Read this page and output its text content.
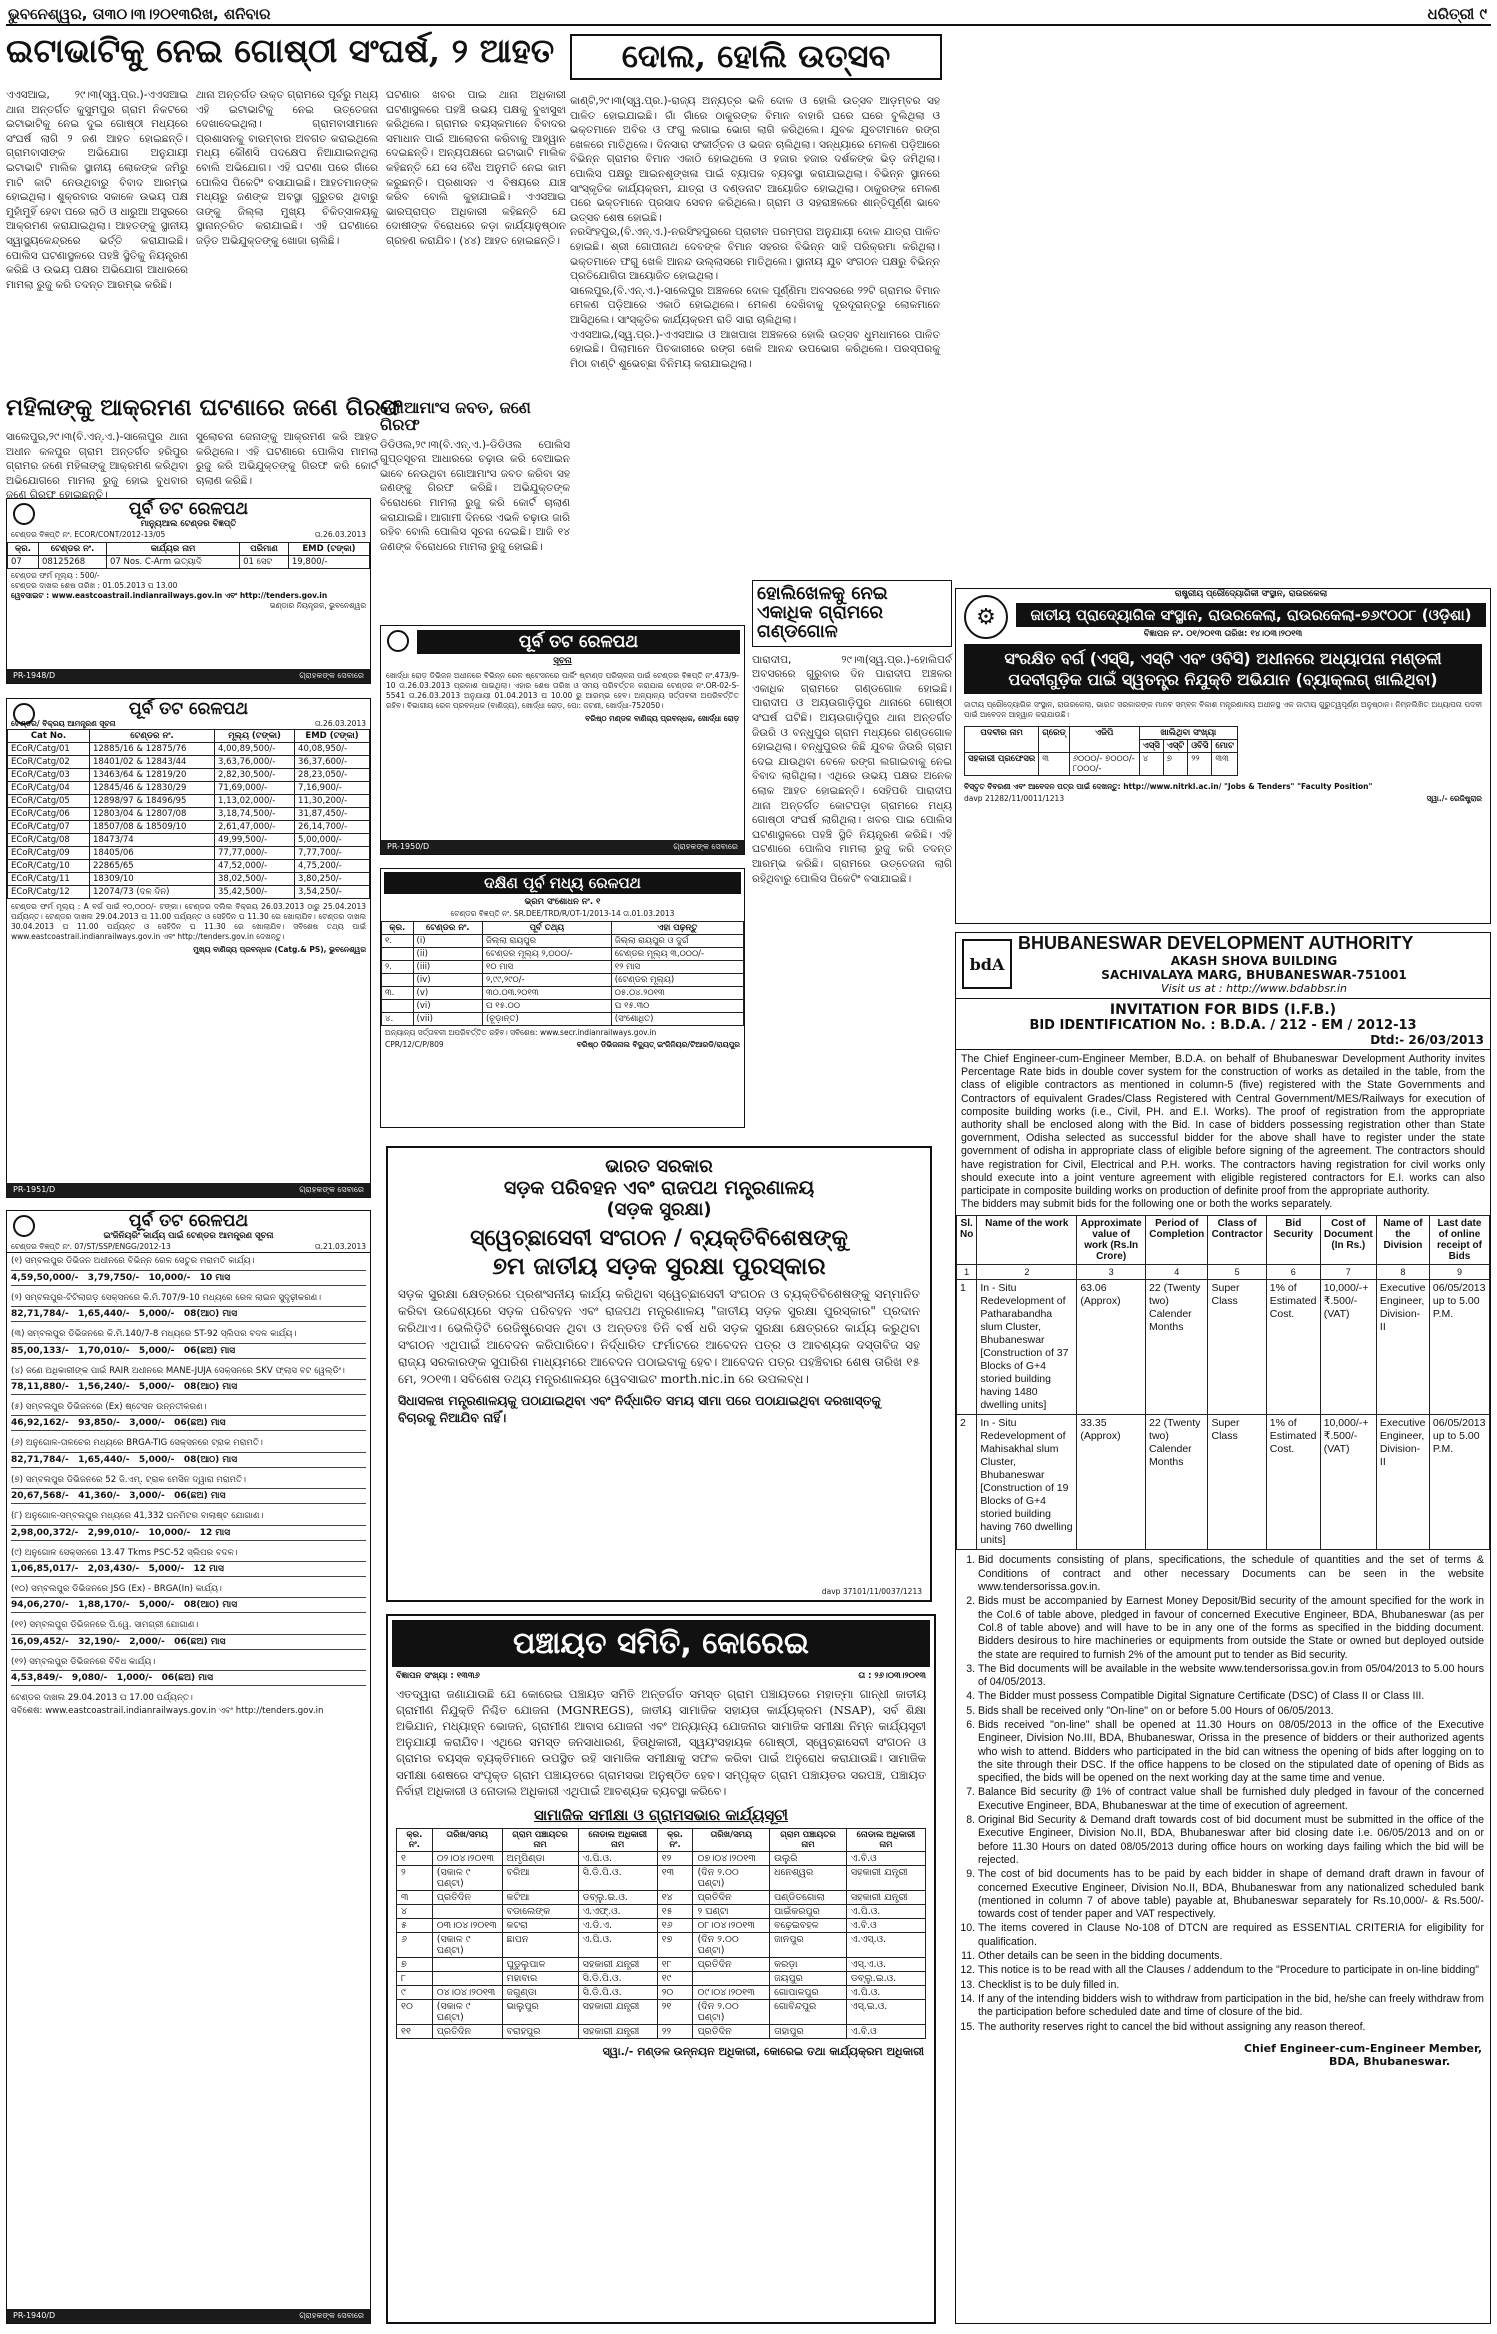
ଭୁବନେଶ୍ୱର, ତା୩୦।୩।୨୦୧୩ରିଖ, ଶନିବାର	ଧରିତ୍ରୀ ୯
ଇଟାଭାଟିକୁ ନେଇ ଗୋଷ୍ଠୀ ସଂଘର୍ଷ, ୨ ଆହତ
ଏଏସଆଇ, ୨୯।୩(ସ୍ୱ.ପ୍ର.)-ଏଏସଆଇ ଥାନା ଅନ୍ତର୍ଗତ କୁସୁମପୁର ଗ୍ରାମ ନିକଟରେ ଇଟାଭାଟିକୁ ନେଇ ଦୁଇ ଗୋଷ୍ଠୀ ମଧ୍ୟରେ ସଂଘର୍ଷ ଲାଗି ୨ ଜଣ ଆହତ ହୋଇଛନ୍ତି। ଗ୍ରାମବାସୀଙ୍କ ଅଭିଯୋଗ ଅନୁଯାୟୀ ଇଟାଭାଟି ମାଲିକ ସ୍ଥାନୀୟ ଲୋକଙ୍କ ଜମିରୁ ମାଟି କାଟି ନେଉଥିବାରୁ ବିବାଦ ଆରମ୍ଭ ହୋଇଥିଲା। ଶୁକ୍ରବାର ସକାଳେ ଉଭୟ ପକ୍ଷ ମୁହାଁମୁହିଁ ହେବା ପରେ ଲାଠି ଓ ଧାରୁଆ ଅସ୍ତ୍ରରେ ଆକ୍ରମଣ କରାଯାଇଥିଲା। ଆହତଙ୍କୁ ସ୍ଥାନୀୟ ସ୍ୱାସ୍ଥ୍ୟକେନ୍ଦ୍ରରେ ଭର୍ତ୍ତି କରାଯାଇଛି। ପୋଲିସ ଘଟଣାସ୍ଥଳରେ ପହଞ୍ଚି ସ୍ଥିତିକୁ ନିୟନ୍ତ୍ରଣ କରିଛି ଓ ଉଭୟ ପକ୍ଷର ଅଭିଯୋଗ ଆଧାରରେ ମାମଲା ରୁଜୁ କରି ତଦନ୍ତ ଆରମ୍ଭ କରିଛି।
ଥାନା ଅନ୍ତର୍ଗତ ଉକ୍ତ ଗ୍ରାମରେ ପୂର୍ବରୁ ମଧ୍ୟ ଏହି ଇଟାଭାଟିକୁ ନେଇ ଉତ୍ତେଜନା ଦେଖାଦେଇଥିଲା। ଗ୍ରାମବାସୀମାନେ ପ୍ରଶାସନକୁ ବାରମ୍ବାର ଅବଗତ କରାଇଥିଲେ ମଧ୍ୟ କୌଣସି ପଦକ୍ଷେପ ନିଆଯାଇନଥିଲା ବୋଲି ଅଭିଯୋଗ। ଏହି ଘଟଣା ପରେ ଗାଁରେ ପୋଲିସ ପିକେଟିଂ ବସାଯାଇଛି। ଆହତମାନଙ୍କ ମଧ୍ୟରୁ ଜଣଙ୍କ ଅବସ୍ଥା ଗୁରୁତର ଥିବାରୁ ତାଙ୍କୁ ଜିଲ୍ଲା ମୁଖ୍ୟ ଚିକିତ୍ସାଳୟକୁ ସ୍ଥାନାନ୍ତରିତ କରାଯାଇଛି। ଏହି ଘଟଣାରେ ଜଡ଼ିତ ଅଭିଯୁକ୍ତଙ୍କୁ ଖୋଜା ଚାଲିଛି।
ଘଟଣାର ଖବର ପାଇ ଥାନା ଅଧିକାରୀ ଘଟଣାସ୍ଥଳରେ ପହଞ୍ଚି ଉଭୟ ପକ୍ଷକୁ ବୁଝାସୁଝା କରିଥିଲେ। ଗ୍ରାମର ବୟସ୍କମାନେ ବିବାଦର ସମାଧାନ ପାଇଁ ଆଲୋଚନା କରିବାକୁ ଆହ୍ୱାନ ଦେଇଛନ୍ତି। ଅନ୍ୟପକ୍ଷରେ ଇଟାଭାଟି ମାଲିକ କହିଛନ୍ତି ଯେ ସେ ବୈଧ ଅନୁମତି ନେଇ କାମ କରୁଛନ୍ତି। ପ୍ରଶାସନ ଏ ବିଷୟରେ ଯାଞ୍ଚ କରିବ ବୋଲି କୁହାଯାଇଛି। ଏଏସଆଇ ଭାରପ୍ରାପ୍ତ ଅଧିକାରୀ କହିଛନ୍ତି ଯେ ଦୋଷୀଙ୍କ ବିରୋଧରେ କଡ଼ା କାର୍ଯ୍ୟାନୁଷ୍ଠାନ ଗ୍ରହଣ କରାଯିବ। (୪୪) ଆହତ ହୋଇଛନ୍ତି।
ମହିଳାଙ୍କୁ ଆକ୍ରମଣ ଘଟଣାରେ ଜଣେ ଗିରଫ
ସାଲେପୁର,୨୯।୩(ବି.ଏନ୍.ଏ.)-ସାଲେପୁର ଥାନା ଅଧୀନ କଳପୁର ଗ୍ରାମ ଅନ୍ତର୍ଗତ ହରିପୁର ଗ୍ରାମର ଜଣେ ମହିଳାଙ୍କୁ ଆକ୍ରମଣ କରିଥିବା ଅଭିଯୋଗରେ ମାମଲା ରୁଜୁ ହୋଇ ବୁଧବାର ଜଣେ ଗିରଫ ହୋଇଛନ୍ତି।
ସୁଲୋଚନା ଜେନାଙ୍କୁ ଆକ୍ରମଣ କରି ଆହତ କରିଥିଲେ। ଏହି ଘଟଣାରେ ପୋଲିସ ମାମଲା ରୁଜୁ କରି ଅଭିଯୁକ୍ତଙ୍କୁ ଗିରଫ କରି କୋର୍ଟ ଚାଲାଣ କରିଛି।
ପୂର୍ବ ତଟ ରେଳପଥ
ମାନ୍ୟୁଆଲ ଟେଣ୍ଡର ବିଜ୍ଞପ୍ତି
ଟେଣ୍ଡର ବିଜ୍ଞପ୍ତି ନଂ. ECOR/CONT/2012-13/05	ତା.26.03.2013
କ୍ର.	ଟେଣ୍ଡର ନଂ.	କାର୍ଯ୍ୟର ନାମ	ପରିମାଣ	EMD (ଟଙ୍କା)
07	08125268	07 Nos. C-Arm ଇତ୍ୟାଦି	01 ସେଟ	19,800/-
ଟେଣ୍ଡର ଫର୍ମ ମୂଲ୍ୟ : 500/-
ଟେଣ୍ଡର ଦାଖଲ ଶେଷ ତାରିଖ : 01.05.2013 ଘ 13.00
ୱେବସାଇଟ : www.eastcoastrail.indianrailways.gov.in ଏବଂ http://tenders.gov.in
ଭଣ୍ଡାର ନିୟନ୍ତ୍ରକ, ଭୁବନେଶ୍ୱର
PR-1948/D	ଗ୍ରାହକଙ୍କ ସେବାରେ
ପୂର୍ବ ତଟ ରେଳପଥ
ଟେଣ୍ଡର/ ବିକ୍ରୟ ଆମନ୍ତ୍ରଣ ସୂଚନା	ତା.26.03.2013
Cat No.	ଟେଣ୍ଡର ନଂ.	ମୂଲ୍ୟ (ଟଙ୍କା)	EMD (ଟଙ୍କା)
ECoR/Catg/01	12885/16 & 12875/76	4,00,89,500/-	40,08,950/-
ECoR/Catg/02	18401/02 & 12843/44	3,63,76,000/-	36,37,600/-
ECoR/Catg/03	13463/64 & 12819/20	2,82,30,500/-	28,23,050/-
ECoR/Catg/04	12845/46 & 12830/29	71,69,000/-	7,16,900/-
ECoR/Catg/05	12898/97 & 18496/95	1,13,02,000/-	11,30,200/-
ECoR/Catg/06	12803/04 & 12807/08	3,18,74,500/-	31,87,450/-
ECoR/Catg/07	18507/08 & 18509/10	2,61,47,000/-	26,14,700/-
ECoR/Catg/08	18473/74	49,99,500/-	5,00,000/-
ECoR/Catg/09	18405/06	77,77,000/-	7,77,700/-
ECoR/Catg/10	22865/65	47,52,000/-	4,75,200/-
ECoR/Catg/11	18309/10	38,02,500/-	3,80,250/-
ECoR/Catg/12	12074/73 (ଦଳ ଦିନ)	35,42,500/-	3,54,250/-
ଟେଣ୍ଡର ଫର୍ମ ମୂଲ୍ୟ : A ବର୍ଗ ପାଇଁ ୧୦,୦୦୦/- ଟଙ୍କା। ଟେଣ୍ଡର ଦଲିଲ ବିକ୍ରୟ 26.03.2013 ଠାରୁ 25.04.2013 ପର୍ଯ୍ୟନ୍ତ। ଟେଣ୍ଡର ଦାଖଲ 29.04.2013 ଘ 11.00 ପର୍ଯ୍ୟନ୍ତ ଓ ସେହିଦିନ ଘ 11.30 ରେ ଖୋଲାଯିବ। ଟେଣ୍ଡର ଦାଖଲ 30.04.2013 ଘ 11.00 ପର୍ଯ୍ୟନ୍ତ ଓ ସେହିଦିନ ଘ 11.30 ରେ ଖୋଲାଯିବ। ସବିଶେଷ ତଥ୍ୟ ପାଇଁ www.eastcoastrail.indianrailways.gov.in ଏବଂ http://tenders.gov.in ଦେଖନ୍ତୁ।
ମୁଖ୍ୟ ବାଣିଜ୍ୟ ପ୍ରବନ୍ଧକ (Catg.& PS), ଭୁବନେଶ୍ୱର
PR-1951/D	ଗ୍ରାହକଙ୍କ ସେବାରେ
ପୂର୍ବ ତଟ ରେଳପଥ
ଇଂଜିନିୟରିଂ କାର୍ଯ୍ୟ ପାଇଁ ଟେଣ୍ଡର ଆମନ୍ତ୍ରଣ ସୂଚନା
ଟେଣ୍ଡର ବିଜ୍ଞପ୍ତି ନଂ. 07/ST/SSP/ENGG/2012-13	ତା.21.03.2013
(୧) ସମ୍ବଲପୁର ଡିଭିଜନ ଅଧୀନରେ ବିଭିନ୍ନ ରେଳ ସେତୁର ମରାମତି କାର୍ଯ୍ୟ।
4,59,50,000/-   3,79,750/-   10,000/-   10 ମାସ
(୨) ସମ୍ବଲପୁର-ଟିଟିଲାଗଡ଼ ସେକ୍ସନରେ କି.ମି.707/9-10 ମଧ୍ୟରେ ରେଳ ଲାଇନ ସୁଦୃଢ଼ୀକରଣ।
82,71,784/-   1,65,440/-   5,000/-   08(ଆଠ) ମାସ
(୩) ସମ୍ବଲପୁର ଡିଭିଜନରେ କି.ମି.140/7-8 ମଧ୍ୟରେ ST-92 ସ୍ଲିପର ବଦଳ କାର୍ଯ୍ୟ।
85,00,133/-   1,70,010/-   5,000/-   06(ଛଅ) ମାସ
(୪) ଜଣେ ଅଧିକାରୀଙ୍କ ପାଇଁ RAIR ଅଧୀନରେ MANE-JUJA ସେକ୍ସନରେ SKV ଫ୍ଲାସ ବଟ ୱେଲ୍ଡିଂ।
78,11,880/-   1,56,240/-   5,000/-   08(ଆଠ) ମାସ
(୫) ସମ୍ବଲପୁର ଡିଭିଜନରେ (Ex) ଷ୍ଟେସନ ଉନ୍ନତୀକରଣ।
46,92,162/-   93,850/-   3,000/-   06(ଛଅ) ମାସ
(୬) ଅନୁଗୋଳ-ତାଳଚେର ମଧ୍ୟରେ BRGA-TIG ସେକ୍ସନରେ ଟ୍ରାକ ମରାମତି।
82,71,784/-   1,65,440/-   5,000/-   08(ଆଠ) ମାସ
(୭) ସମ୍ବଲପୁର ଡିଭିଜନରେ 52 ଜି.ଏମ୍. ଟ୍ରାକ ମେସିନ ଦ୍ୱାରା ମରାମତି।
20,67,568/-   41,360/-   3,000/-   06(ଛଅ) ମାସ
(୮) ଅନୁଗୋଳ-ସମ୍ବଲପୁର ମଧ୍ୟରେ 41,332 ଘନମିଟର ବାଲାଷ୍ଟ ଯୋଗାଣ।
2,98,00,372/-   2,99,010/-   10,000/-   12 ମାସ
(୯) ଅନୁଗୋଳ ସେକ୍ସନରେ 13.47 Tkms PSC-52 ସ୍ଲିପର ବଦଳ।
1,06,85,017/-   2,03,430/-   5,000/-   12 ମାସ
(୧୦) ସମ୍ବଲପୁର ଡିଭିଜନରେ JSG (Ex) - BRGA(In) କାର୍ଯ୍ୟ।
94,06,270/-   1,88,170/-   5,000/-   08(ଆଠ) ମାସ
(୧୧) ସମ୍ବଲପୁର ଡିଭିଜନରେ ପି.ୱେ. ସାମଗ୍ରୀ ଯୋଗାଣ।
16,09,452/-   32,190/-   2,000/-   06(ଛଅ) ମାସ
(୧୨) ସମ୍ବଲପୁର ଡିଭିଜନରେ ବିବିଧ କାର୍ଯ୍ୟ।
4,53,849/-   9,080/-   1,000/-   06(ଛଅ) ମାସ
ଟେଣ୍ଡର ଦାଖଲ 29.04.2013 ଘ 17.00 ପର୍ଯ୍ୟନ୍ତ।
ସବିଶେଷ: www.eastcoastrail.indianrailways.gov.in ଏବଂ http://tenders.gov.in
PR-1940/D	ଗ୍ରାହକଙ୍କ ସେବାରେ
ଦୋଲ, ହୋଲି ଉତ୍ସବ
କାଣ୍ଟି,୨୯।୩(ସ୍ୱ.ପ୍ର.)-ରାଜ୍ୟ ଅନ୍ୟତ୍ର ଭଳି ଦୋଳ ଓ ହୋଲି ଉତ୍ସବ ଆଡ଼ମ୍ବର ସହ ପାଳିତ ହୋଇଯାଇଛି। ଗାଁ ଗାଁରେ ଠାକୁରଙ୍କ ବିମାନ ବାହାରି ଘରେ ଘରେ ବୁଲିଥିଲା ଓ ଭକ୍ତମାନେ ଅବିର ଓ ଫଗୁ ଲଗାଇ ଭୋଗ ଲାଗି କରିଥିଲେ। ଯୁବକ ଯୁବତୀମାନେ ରଙ୍ଗ ଖେଳରେ ମାତିଥିଲେ। ଦିନସାରା ସଂକୀର୍ତ୍ତନ ଓ ଭଜନ ଚାଲିଥିଲା। ସନ୍ଧ୍ୟାରେ ମେଳଣ ପଡ଼ିଆରେ ବିଭିନ୍ନ ଗ୍ରାମର ବିମାନ ଏକାଠି ହୋଇଥିଲେ ଓ ହଜାର ହଜାର ଦର୍ଶକଙ୍କ ଭିଡ଼ ଜମିଥିଲା। ପୋଲିସ ପକ୍ଷରୁ ଆଇନଶୃଙ୍ଖଳା ପାଇଁ ବ୍ୟାପକ ବ୍ୟବସ୍ଥା କରାଯାଇଥିଲା। ବିଭିନ୍ନ ସ୍ଥାନରେ ସାଂସ୍କୃତିକ କାର୍ଯ୍ୟକ୍ରମ, ଯାତ୍ରା ଓ ଦଣ୍ଡନାଟ ଆୟୋଜିତ ହୋଇଥିଲା। ଠାକୁରଙ୍କ ମେଳଣ ପରେ ଭକ୍ତମାନେ ପ୍ରସାଦ ସେବନ କରିଥିଲେ। ଗ୍ରାମ ଓ ସହରାଞ୍ଚଳରେ ଶାନ୍ତିପୂର୍ଣ୍ଣ ଭାବେ ଉତ୍ସବ ଶେଷ ହୋଇଛି।
ନରସିଂହପୁର,(ବି.ଏନ୍.ଏ.)-ନରସିଂହପୁରରେ ପ୍ରାଚୀନ ପରମ୍ପରା ଅନୁଯାୟୀ ଦୋଳ ଯାତ୍ରା ପାଳିତ ହୋଇଛି। ଶ୍ରୀ ଗୋପୀନାଥ ଦେବଙ୍କ ବିମାନ ସହରର ବିଭିନ୍ନ ସାହି ପରିକ୍ରମା କରିଥିଲା। ଭକ୍ତମାନେ ଫଗୁ ଖେଳି ଆନନ୍ଦ ଉଲ୍ଲାସରେ ମାତିଥିଲେ। ସ୍ଥାନୀୟ ଯୁବ ସଂଗଠନ ପକ୍ଷରୁ ବିଭିନ୍ନ ପ୍ରତିଯୋଗିତା ଆୟୋଜିତ ହୋଇଥିଲା।
ସାଲେପୁର,(ବି.ଏନ୍.ଏ.)-ସାଲେପୁର ଅଞ୍ଚଳରେ ଦୋଳ ପୂର୍ଣ୍ଣିମା ଅବସରରେ ୨୨ଟି ଗ୍ରାମର ବିମାନ ମେଳଣ ପଡ଼ିଆରେ ଏକାଠି ହୋଇଥିଲେ। ମେଳଣ ଦେଖିବାକୁ ଦୂରଦୂରାନ୍ତରୁ ଲୋକମାନେ ଆସିଥିଲେ। ସାଂସ୍କୃତିକ କାର୍ଯ୍ୟକ୍ରମ ରାତି ସାରା ଚାଲିଥିଲା।
ଏଏସଆଇ,(ସ୍ୱ.ପ୍ର.)-ଏଏସଆଇ ଓ ଆଖପାଖ ଅଞ୍ଚଳରେ ହୋଲି ଉତ୍ସବ ଧୁମଧାମରେ ପାଳିତ ହୋଇଛି। ପିଲାମାନେ ପିଚକାରୀରେ ରଙ୍ଗ ଖେଳି ଆନନ୍ଦ ଉପଭୋଗ କରିଥିଲେ। ପରସ୍ପରକୁ ମିଠା ବାଣ୍ଟି ଶୁଭେଚ୍ଛା ବିନିମୟ କରାଯାଇଥିଲା।
ଗୋଆମାଂସ ଜବତ, ଜଣେ ଗିରଫ
ଡିଡିଓଲ,୨୯।୩(ବି.ଏନ୍.ଏ.)-ଡିଡିଓଲ ପୋଲିସ ଗୁପ୍ତସୂଚନା ଆଧାରରେ ଚଢ଼ାଉ କରି ବେଆଇନ ଭାବେ ନେଉଥିବା ଗୋଆମାଂସ ଜବତ କରିବା ସହ ଜଣଙ୍କୁ ଗିରଫ କରିଛି। ଅଭିଯୁକ୍ତଙ୍କ ବିରୋଧରେ ମାମଲା ରୁଜୁ କରି କୋର୍ଟ ଚାଲାଣ କରାଯାଇଛି। ଆଗାମୀ ଦିନରେ ଏଭଳି ଚଢ଼ାଉ ଜାରି ରହିବ ବୋଲି ପୋଲିସ ସୂଚନା ଦେଇଛି। ଆଜି ୧୪ ଜଣଙ୍କ ବିରୋଧରେ ମାମଲା ରୁଜୁ ହୋଇଛି।
ପୂର୍ବ ତଟ ରେଳପଥ
ସୂଚନା
ଖୋର୍ଦ୍ଧା ରୋଡ଼ ଡିଭିଜନ ଅଧୀନରେ ବିଭିନ୍ନ ରେଳ ଷ୍ଟେସନରେ ପାର୍କିଂ ଷ୍ଟାଣ୍ଡ ପରିଚାଳନା ପାଇଁ ଟେଣ୍ଡର ବିଜ୍ଞପ୍ତି ନଂ.473/9-10 ତା.26.03.2013 ପ୍ରକାଶ ପାଇଥିଲା। ଏହାର ଶେଷ ତାରିଖ ଓ ସମୟ ପରିବର୍ତ୍ତନ କରାଯାଇ ଟେଣ୍ଡର ନଂ.OR-02-S-5541 ତା.26.03.2013 ଅନୁଯାୟୀ 01.04.2013 ଘ 10.00 ରୁ ଆରମ୍ଭ ହେବ। ଅନ୍ୟାନ୍ୟ ସର୍ତ୍ତାବଳୀ ଅପରିବର୍ତ୍ତିତ ରହିବ। ବିଭାଗୀୟ ରେଳ ପ୍ରବନ୍ଧକ (ବାଣିଜ୍ୟ), ଖୋର୍ଦ୍ଧା ରୋଡ଼, ପୋ: ଜଟଣୀ, ଖୋର୍ଦ୍ଧା-752050।
ବରିଷ୍ଠ ମଣ୍ଡଳ ବାଣିଜ୍ୟ ପ୍ରବନ୍ଧକ, ଖୋର୍ଦ୍ଧା ରୋଡ଼
PR-1950/D	ଗ୍ରାହକଙ୍କ ସେବାରେ
ଦକ୍ଷିଣ ପୂର୍ବ ମଧ୍ୟ ରେଳପଥ
ଭ୍ରମ ସଂଶୋଧନ ନଂ. ୧
ଟେଣ୍ଡର ବିଜ୍ଞପ୍ତି ନଂ. SR.DEE/TRD/R/OT-1/2013-14 ତା.01.03.2013
କ୍ର.	ଟେଣ୍ଡର ନଂ.	ପୂର୍ବ ତଥ୍ୟ	ଏହା ପଢ଼ନ୍ତୁ
୧.	(i)	ଜିଲ୍ଲା ରାୟପୁର	ଜିଲ୍ଲା ରାୟପୁର ଓ ଦୁର୍ଗ
	(ii)	ଟେଣ୍ଡର ମୂଲ୍ୟ ୨,୦୦୦/-	ଟେଣ୍ଡର ମୂଲ୍ୟ ୩,୦୦୦/-
୨.	(iii)	୧୦ ମାସ	୧୨ ମାସ
	(iv)	୨,୯୯,୨୯୦/-	(ଟେଣ୍ଡର ମୂଲ୍ୟ)
୩.	(v)	୩୦.୦୩.୨୦୧୩	୦୫.୦୪.୨୦୧୩
	(vi)	ଘ ୧୫.୦୦	ଘ ୧୫.୩୦
୪.	(vii)	(ଚୂଡ଼ାନ୍ତ)	(ସଂଶୋଧିତ)
ଅନ୍ୟାନ୍ୟ ସର୍ତ୍ତାବଳୀ ଅପରିବର୍ତ୍ତିତ ରହିବ। ସବିଶେଷ: www.secr.indianrailways.gov.in
CPR/12/C/P/809	ବରିଷ୍ଠ ଡିଭିଜନାଲ ବିଦ୍ୟୁତ୍ ଇଂଜିନିୟର/ଟିଆରଡି/ରାୟପୁର
ହୋଲିଖେଳକୁ ନେଇ ଏକାଧିକ ଗ୍ରାମରେ ଗଣ୍ଡଗୋଳ
ପାରାଦୀପ, ୨୯।୩(ସ୍ୱ.ପ୍ର.)-ହୋଲିପର୍ବ ଅବସରରେ ଗୁରୁବାର ଦିନ ପାରାଦୀପ ଅଞ୍ଚଳର ଏକାଧିକ ଗ୍ରାମରେ ଗଣ୍ଡଗୋଳ ହୋଇଛି। ପାରାଦୀପ ଓ ଅୟଉଗାଡ଼ିପୁର ଥାନାରେ ଗୋଷ୍ଠୀ ସଂଘର୍ଷ ଘଟିଛି। ଅୟଉଗାଡ଼ିପୁର ଥାନା ଅନ୍ତର୍ଗତ ଜିଉରି ଓ ବନ୍ଧୁପୁର ଗ୍ରାମ ମଧ୍ୟରେ ଗଣ୍ଡଗୋଳ ହୋଇଥିଲା। ବନ୍ଧୁପୁରର କିଛି ଯୁବକ ଜିଉରି ଗ୍ରାମ ଦେଇ ଯାଉଥିବା ବେଳେ ରଙ୍ଗ ଲଗାଇବାକୁ ନେଇ ବିବାଦ ଲାଗିଥିଲା। ଏଥିରେ ଉଭୟ ପକ୍ଷର ଅନେକ ଲୋକ ଆହତ ହୋଇଛନ୍ତି। ସେହିପରି ପାରାଦୀପ ଥାନା ଅନ୍ତର୍ଗତ କୋଟପଡ଼ା ଗ୍ରାମରେ ମଧ୍ୟ ଗୋଷ୍ଠୀ ସଂଘର୍ଷ ଲାଗିଥିଲା। ଖବର ପାଇ ପୋଲିସ ଘଟଣାସ୍ଥଳରେ ପହଞ୍ଚି ସ୍ଥିତି ନିୟନ୍ତ୍ରଣ କରିଛି। ଏହି ଘଟଣାରେ ପୋଲିସ ମାମଲା ରୁଜୁ କରି ତଦନ୍ତ ଆରମ୍ଭ କରିଛି। ଗ୍ରାମରେ ଉତ୍ତେଜନା ଲାଗି ରହିଥିବାରୁ ପୋଲିସ ପିକେଟିଂ ବସାଯାଇଛି।
⚙
ରାଷ୍ଟ୍ରୀୟ ପ୍ରୌଦ୍ୟୋଗିକୀ ସଂସ୍ଥାନ, ରାଉରକେଲା
ଜାତୀୟ ପ୍ରାଦ୍ୟୋଗିକ ସଂସ୍ଥାନ, ରାଉରକେଲା, ରାଉରକେଲା-୭୬୯୦୦୮ (ଓଡ଼ିଶା)
ବିଜ୍ଞାପନ ନଂ. ୦୧/୨୦୧୩ ତାରିଖ: ୧୪।୦୩।୨୦୧୩
ସଂରକ୍ଷିତ ବର୍ଗ (ଏସ୍‌ସି, ଏସ୍‌ଟି ଏବଂ ଓବିସି) ଅଧୀନରେ ଅଧ୍ୟାପନା ମଣ୍ଡଳୀ ପଦବୀଗୁଡ଼ିକ ପାଇଁ ସ୍ୱତନ୍ତ୍ର ନିଯୁକ୍ତି ଅଭିଯାନ (ବ୍ୟାକ୍‌ଲଗ୍ ଖାଲିଥିବା)
ଜାତୀୟ ପ୍ରୌଦ୍ୟୋଗିକ ସଂସ୍ଥାନ, ରାଉରକେଲା, ଭାରତ ସରକାରଙ୍କ ମାନବ ସମ୍ବଳ ବିକାଶ ମନ୍ତ୍ରଣାଳୟ ଅଧୀନସ୍ଥ ଏକ ଜାତୀୟ ଗୁରୁତ୍ୱପୂର୍ଣ୍ଣ ଅନୁଷ୍ଠାନ। ନିମ୍ନଲିଖିତ ଅଧ୍ୟାପନା ପଦବୀ ପାଇଁ ଆବେଦନ ଆହ୍ୱାନ କରାଯାଉଛି।
ପଦବୀର ନାମ	ଗ୍ରେଡ୍	ଏଜିପି	ଖାଲିଥିବା ସଂଖ୍ୟା			
			ଏସ୍‌ସି	ଏସ୍‌ଟି	ଓବିସି	ମୋଟ
ସହକାରୀ ପ୍ରଫେସର	୩	୬୦୦୦/- ୭୦୦୦/- ୮୦୦୦/-	୪	୭	୨୨	୩୩
ବିସ୍ତୃତ ବିବରଣୀ ଏବଂ ଆବେଦନ ପତ୍ର ପାଇଁ ଦେଖନ୍ତୁ: http://www.nitrkl.ac.in/ "Jobs & Tenders" "Faculty Position"
davp 21282/11/0011/1213	ସ୍ୱା./- ରେଜିଷ୍ଟ୍ରାର
bdA
BHUBANESWAR DEVELOPMENT AUTHORITY
AKASH SHOVA BUILDING
SACHIVALAYA MARG, BHUBANESWAR-751001
Visit us at : http://www.bdabbsr.in
INVITATION FOR BIDS (I.F.B.)
BID IDENTIFICATION No. : B.D.A. / 212 - EM / 2012-13
Dtd:- 26/03/2013
The Chief Engineer-cum-Engineer Member, B.D.A. on behalf of Bhubaneswar Development Authority invites Percentage Rate bids in double cover system for the construction of works as detailed in the table, from the class of eligible contractors as mentioned in column-5 (five) registered with the State Governments and Contractors of equivalent Grades/Class Registered with Central Government/MES/Railways for execution of composite building works (i.e., Civil, PH. and E.I. Works). The proof of registration from the appropriate authority shall be enclosed along with the Bid. In case of bidders possessing registration other than State government, Odisha selected as successful bidder for the above shall have to register under the state government of odisha in appropriate class of eligible before signing of the agreement. The contractors should have registration for Civil, Electrical and P.H. works. The contractors having registration for civil works only should execute into a joint venture agreement with eligible registered contractors for E.I. works can also participate in composite building works on production of definite proof from the appropriate authority.
The bidders may submit bids for the following one or both the works separately.
Sl. No	Name of the work	Approximate value of work (Rs.In Crore)	Period of Completion	Class of Contractor	Bid Security	Cost of Document (In Rs.)	Name of the Division	Last date of online receipt of Bids
1	2	3	4	5	6	7	8	9
1	In - Situ Redevelopment of Patharabandha slum Cluster, Bhubaneswar [Construction of 37 Blocks of G+4 storied building having 1480 dwelling units]	63.06 (Approx)	22 (Twenty two) Calender Months	Super Class	1% of Estimated Cost.	10,000/-+ ₹.500/- (VAT)	Executive Engineer, Division- II	06/05/2013 up to 5.00 P.M.
2	In - Situ Redevelopment of Mahisakhal slum Cluster, Bhubaneswar [Construction of 19 Blocks of G+4 storied building having 760 dwelling units]	33.35 (Approx)	22 (Twenty two) Calender Months	Super Class	1% of Estimated Cost.	10,000/-+ ₹.500/- (VAT)	Executive Engineer, Division- II	06/05/2013 up to 5.00 P.M.
1. Bid documents consisting of plans, specifications, the schedule of quantities and the set of terms & Conditions of contract and other necessary Documents can be seen in the website www.tendersorissa.gov.in.
2. Bids must be accompanied by Earnest Money Deposit/Bid security of the amount specified for the work in the Col.6 of table above, pledged in favour of concerned Executive Engineer, BDA, Bhubaneswar (as per Col.8 of table above) and will have to be in any one of the forms as specified in the bidding document. Bidders desirous to hire machineries or equipments from outside the State or owned but deployed outside the state are required to furnish 2% of the amount put to tender as Bid security.
3. The Bid documents will be available in the website www.tendersorissa.gov.in from 05/04/2013 to 5.00 hours of 04/05/2013.
4. The Bidder must possess Compatible Digital Signature Certificate (DSC) of Class II or Class III.
5. Bids shall be received only "On-line" on or before 5.00 Hours of 06/05/2013.
6. Bids received "on-line" shall be opened at 11.30 Hours on 08/05/2013 in the office of the Executive Engineer, Division No.III, BDA, Bhubaneswar, Orissa in the presence of bidders or their authorized agents who wish to attend. Bidders who participated in the bid can witness the opening of bids after logging on to the site through their DSC. If the office happens to be closed on the stipulated date of opening of Bids as specified, the bids will be opened on the next working day at the same time and venue.
7. Balance Bid security @ 1% of contract value shall be furnished duly pledged in favour of the concerned Executive Engineer, BDA, Bhubaneswar at the time of execution of agreement.
8. Original Bid Security & Demand draft towards cost of bid document must be submitted in the office of the Executive Engineer, Division No.II, BDA, Bhubaneswar after bid closing date i.e. 06/05/2013 and on or before 11.30 Hours on dated 08/05/2013 during office hours on working days failing which the bid will be rejected.
9. The cost of bid documents has to be paid by each bidder in shape of demand draft drawn in favour of concerned Executive Engineer, Division No.II, BDA, Bhubaneswar from any nationalized scheduled bank (mentioned in column 7 of above table) payable at, Bhubaneswar separately for Rs.10,000/- & Rs.500/- towards cost of tender paper and VAT respectively.
10. The items covered in Clause No-108 of DTCN are required as ESSENTIAL CRITERIA for eligibility for qualification.
11. Other details can be seen in the bidding documents.
12. This notice is to be read with all the Clauses / addendum to the "Procedure to participate in on-line bidding"
13. Checklist is to be duly filled in.
14. If any of the intending bidders wish to withdraw from participation in the bid, he/she can freely withdraw from the participation before scheduled date and time of closure of the bid.
15. The authority reserves right to cancel the bid without assigning any reason thereof.
Chief Engineer-cum-Engineer Member,
BDA, Bhubaneswar.
ଭାରତ ସରକାର
ସଡ଼କ ପରିବହନ ଏବଂ ରାଜପଥ ମନ୍ତ୍ରଣାଳୟ
(ସଡ଼କ ସୁରକ୍ଷା)
ସ୍ୱେଚ୍ଛାସେବୀ ସଂଗଠନ / ବ୍ୟକ୍ତିବିଶେଷଙ୍କୁ
୭ମ ଜାତୀୟ ସଡ଼କ ସୁରକ୍ଷା ପୁରସ୍କାର
ସଡ଼କ ସୁରକ୍ଷା କ୍ଷେତ୍ରରେ ପ୍ରଶଂସନୀୟ କାର୍ଯ୍ୟ କରିଥିବା ସ୍ୱେଚ୍ଛାସେବୀ ସଂଗଠନ ଓ ବ୍ୟକ୍ତିବିଶେଷଙ୍କୁ ସମ୍ମାନିତ କରିବା ଉଦ୍ଦେଶ୍ୟରେ ସଡ଼କ ପରିବହନ ଏବଂ ରାଜପଥ ମନ୍ତ୍ରଣାଳୟ "ଜାତୀୟ ସଡ଼କ ସୁରକ୍ଷା ପୁରସ୍କାର" ପ୍ରଦାନ କରିଥାଏ। ଭେଲିଡ଼ିଟି ରେଜିଷ୍ଟ୍ରେସନ ଥିବା ଓ ଅନ୍ତତଃ ତିନି ବର୍ଷ ଧରି ସଡ଼କ ସୁରକ୍ଷା କ୍ଷେତ୍ରରେ କାର୍ଯ୍ୟ କରୁଥିବା ସଂଗଠନ ଏଥିପାଇଁ ଆବେଦନ କରିପାରିବେ। ନିର୍ଦ୍ଧାରିତ ଫର୍ମାଟରେ ଆବେଦନ ପତ୍ର ଓ ଆବଶ୍ୟକ ଦସ୍ତାବିଜ ସହ ରାଜ୍ୟ ସରକାରଙ୍କ ସୁପାରିଶ ମାଧ୍ୟମରେ ଆବେଦନ ପଠାଇବାକୁ ହେବ। ଆବେଦନ ପତ୍ର ପହଞ୍ଚିବାର ଶେଷ ତାରିଖ ୧୫ ମେ, ୨୦୧୩। ସବିଶେଷ ତଥ୍ୟ ମନ୍ତ୍ରଣାଳୟର ୱେବସାଇଟ morth.nic.in ରେ ଉପଲବ୍ଧ।
ସିଧାସଳଖ ମନ୍ତ୍ରଣାଳୟକୁ ପଠାଯାଇଥିବା ଏବଂ ନିର୍ଦ୍ଧାରିତ ସମୟ ସୀମା ପରେ ପଠାଯାଇଥିବା ଦରଖାସ୍ତକୁ ବିଚାରକୁ ନିଆଯିବ ନାହିଁ।
davp 37101/11/0037/1213
ପଞ୍ଚାୟତ ସମିତି, କୋରେଇ
ବିଜ୍ଞାପନ ସଂଖ୍ୟା : ୧୩୩୬	ତା : ୨୬।୦୩।୨୦୧୩
ଏତଦ୍ୱାରା ଜଣାଯାଉଛି ଯେ କୋରେଇ ପଞ୍ଚାୟତ ସମିତି ଅନ୍ତର୍ଗତ ସମସ୍ତ ଗ୍ରାମ ପଞ୍ଚାୟତରେ ମହାତ୍ମା ଗାନ୍ଧୀ ଜାତୀୟ ଗ୍ରାମୀଣ ନିଯୁକ୍ତି ନିଶ୍ଚିତ ଯୋଜନା (MGNREGS), ଜାତୀୟ ସାମାଜିକ ସହାୟତା କାର୍ଯ୍ୟକ୍ରମ (NSAP), ସର୍ବ ଶିକ୍ଷା ଅଭିଯାନ, ମଧ୍ୟାହ୍ନ ଭୋଜନ, ଗ୍ରାମୀଣ ଆବାସ ଯୋଜନା ଏବଂ ଅନ୍ୟାନ୍ୟ ଯୋଜନାର ସାମାଜିକ ସମୀକ୍ଷା ନିମ୍ନ କାର୍ଯ୍ୟସୂଚୀ ଅନୁଯାୟୀ କରାଯିବ। ଏଥିରେ ସମସ୍ତ ଜନସାଧାରଣ, ହିତାଧିକାରୀ, ସ୍ୱୟଂସହାୟକ ଗୋଷ୍ଠୀ, ସ୍ୱେଚ୍ଛାସେବୀ ସଂଗଠନ ଓ ଗ୍ରାମର ବୟସ୍କ ବ୍ୟକ୍ତିମାନେ ଉପସ୍ଥିତ ରହି ସାମାଜିକ ସମୀକ୍ଷାକୁ ସଫଳ କରିବା ପାଇଁ ଅନୁରୋଧ କରାଯାଉଛି। ସାମାଜିକ ସମୀକ୍ଷା ଶେଷରେ ସଂପୃକ୍ତ ଗ୍ରାମ ପଞ୍ଚାୟତରେ ଗ୍ରାମସଭା ଅନୁଷ୍ଠିତ ହେବ। ସମ୍ପୃକ୍ତ ଗ୍ରାମ ପଞ୍ଚାୟତର ସରପଞ୍ଚ, ପଞ୍ଚାୟତ ନିର୍ବାହୀ ଅଧିକାରୀ ଓ ନୋଡାଲ ଅଧିକାରୀ ଏଥିପାଇଁ ଆବଶ୍ୟକ ବ୍ୟବସ୍ଥା କରିବେ।
ସାମାଜିକ ସମୀକ୍ଷା ଓ ଗ୍ରାମସଭାର କାର୍ଯ୍ୟସୂଚୀ
କ୍ର. ନଂ.	ତାରିଖ/ସମୟ	ଗ୍ରାମ ପଞ୍ଚାୟତର ନାମ	ନୋଡାଲ ଅଧିକାରୀ ନାମ	କ୍ର. ନଂ.	ତାରିଖ/ସମୟ	ଗ୍ରାମ ପଞ୍ଚାୟତର ନାମ	ନୋଡାଲ ଅଧିକାରୀ ନାମ
୧	୦୨।୦୪।୨୦୧୩	ଅମୃପିଣ୍ଡା	ଏ.ପି.ଓ.	୧୨	୦୭।୦୪।୨୦୧୩	ଉଲୁରି	ଏ.ବି.ଓ
୨	(ସକାଳ ୯ ଘଣ୍ଟା)	ବରିଆ	ସି.ଡି.ପି.ଓ.	୧୩	(ଦିନ ୨.୦୦ ଘଣ୍ଟା)	ଧନେଶ୍ୱର	ସହକାରୀ ଯନ୍ତ୍ରୀ
୩	ପ୍ରତିଦିନ	କଟିଆ	ଡବ୍ଲୁ.ଇ.ଓ.	୧୪	ପ୍ରତିଦିନ	ପଣ୍ଡିତଗୋଲା	ସହକାରୀ ଯନ୍ତ୍ରୀ
୪		ବଡାଲେଙ୍କ	ଏ.ଏଫ୍.ଓ.	୧୫	୨ ଘଣ୍ଟା	ପାଇଁକରପୁର	ଏ.ପି.ଓ.
୫	୦୩।୦୪।୨୦୧୩	କଟରା	ଏ.ଡି.ଏ.	୧୬	୦୮।୦୪।୨୦୧୩	ବଢ଼େଇବହଳ	ଏ.ବି.ଓ
୬	(ସକାଳ ୯ ଘଣ୍ଟା)	ଛାପନ	ଏ.ପି.ଓ.	୧୭	(ଦିନ ୨.୦୦ ଘଣ୍ଟା)	ଜାନପୁର	ଏ.ଏସ୍.ଓ.
୭		ଘୁଡୁଲୁପାଳ	ସହକାରୀ ଯନ୍ତ୍ରୀ	୧୮	ପ୍ରତିଦିନ	କରଡ଼ା	ଏସ୍.ଏ.ଓ.
୮		ମହାବାର	ସି.ଡି.ପି.ଓ.	୧୯		ଜୟପୁର	ଡବ୍ଲୁ.ଇ.ଓ.
୯	୦୪।୦୪।୨୦୧୩	ଜଗୁଣ୍ଡା	ସି.ଡି.ପି.ଓ.	୨୦	୦୯।୦୪।୨୦୧୩	ଗୋପାଳପୁର	ଏ.ପି.ଓ.
୧୦	(ସକାଳ ୯ ଘଣ୍ଟା)	ଭାଲୁପୁର	ସହକାରୀ ଯନ୍ତ୍ରୀ	୨୧	(ଦିନ ୨.୦୦ ଘଣ୍ଟା)	ଗୋବିନ୍ଦପୁର	ଏସ୍.ଇ.ଓ.
୧୧	ପ୍ରତିଦିନ	ବରାହପୁର	ସହକାରୀ ଯନ୍ତ୍ରୀ	୨୨	ପ୍ରତିଦିନ	ତାହାପୁର	ଏ.ବି.ଓ
ସ୍ୱା./- ମଣ୍ଡଳ ଉନ୍ନୟନ ଅଧିକାରୀ, କୋରେଇ ତଥା କାର୍ଯ୍ୟକ୍ରମ ଅଧିକାରୀ
